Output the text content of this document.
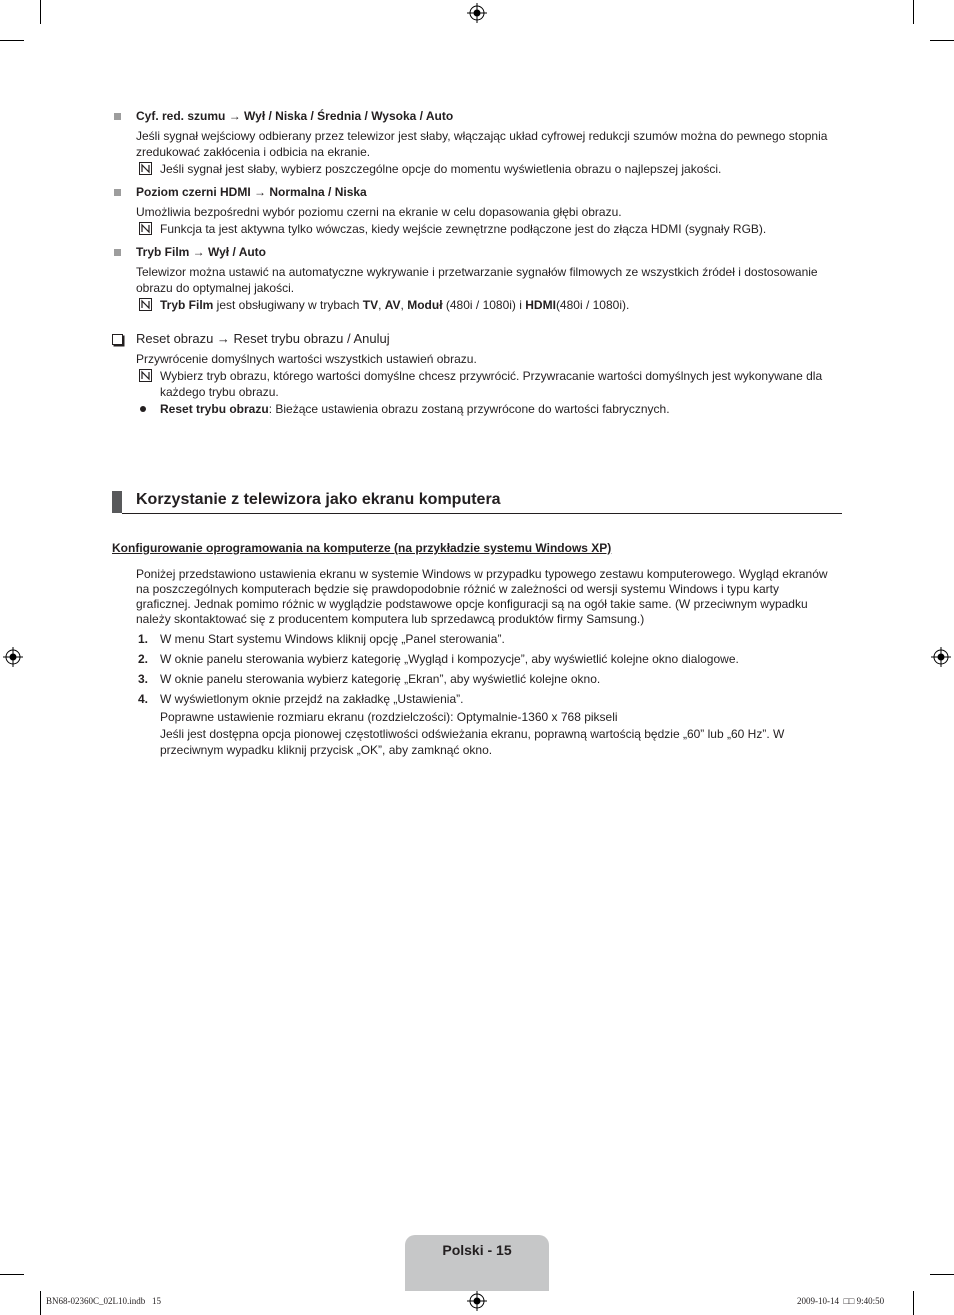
Cyf. red. szumu → Wył / Niska / Średnia / Wysoka / Auto
Jeśli sygnał wejściowy odbierany przez telewizor jest słaby, włączając układ cyfrowej redukcji szumów można do pewnego stopnia
zredukować zakłócenia i odbicia na ekranie.
Jeśli sygnał jest słaby, wybierz poszczególne opcje do momentu wyświetlenia obrazu o najlepszej jakości.
Poziom czerni HDMI → Normalna / Niska
Umożliwia bezpośredni wybór poziomu czerni na ekranie w celu dopasowania głębi obrazu.
Funkcja ta jest aktywna tylko wówczas, kiedy wejście zewnętrzne podłączone jest do złącza HDMI (sygnały RGB).
Tryb Film → Wył / Auto
Telewizor można ustawić na automatyczne wykrywanie i przetwarzanie sygnałów filmowych ze wszystkich źródeł i dostosowanie
obrazu do optymalnej jakości.
Tryb Film jest obsługiwany w trybach TV, AV, Moduł (480i / 1080i) i HDMI(480i / 1080i).
Reset obrazu → Reset trybu obrazu / Anuluj
Przywrócenie domyślnych wartości wszystkich ustawień obrazu.
Wybierz tryb obrazu, którego wartości domyślne chcesz przywrócić. Przywracanie wartości domyślnych jest wykonywane dla
każdego trybu obrazu.
Reset trybu obrazu: Bieżące ustawienia obrazu zostaną przywrócone do wartości fabrycznych.
Korzystanie z telewizora jako ekranu komputera
Konfigurowanie oprogramowania na komputerze (na przykładzie systemu Windows XP)
Poniżej przedstawiono ustawienia ekranu w systemie Windows w przypadku typowego zestawu komputerowego. Wygląd ekranów
na poszczególnych komputerach będzie się prawdopodobnie różnić w zależności od wersji systemu Windows i typu karty
graficznej. Jednak pomimo różnic w wyglądzie podstawowe opcje konfiguracji są na ogół takie same. (W przeciwnym wypadku
należy skontaktować się z producentem komputera lub sprzedawcą produktów firmy Samsung.)
1. W menu Start systemu Windows kliknij opcję „Panel sterowania”.
2. W oknie panelu sterowania wybierz kategorię „Wygląd i kompozycje”, aby wyświetlić kolejne okno dialogowe.
3. W oknie panelu sterowania wybierz kategorię „Ekran”, aby wyświetlić kolejne okno.
4. W wyświetlonym oknie przejdź na zakładkę „Ustawienia”.
Poprawne ustawienie rozmiaru ekranu (rozdzielczości): Optymalnie-1360 x 768 pikseli
Jeśli jest dostępna opcja pionowej częstotliwości odświeżania ekranu, poprawną wartością będzie „60” lub „60 Hz”. W
przeciwnym wypadku kliknij przycisk „OK”, aby zamknąć okno.
Polski - 15
BN68-02360C_02L10.indb   15	2009-10-14 □□ 9:40:50
